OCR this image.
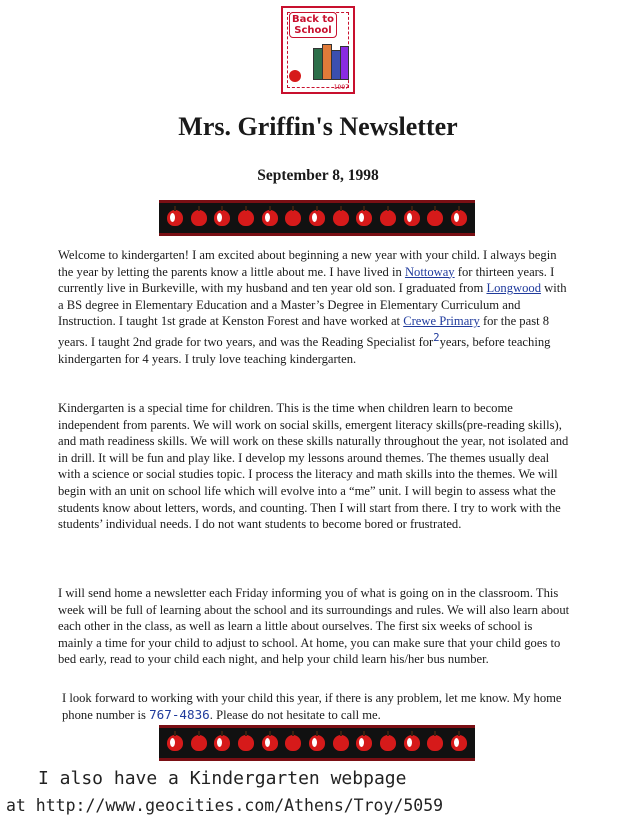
Back to School
1997
Mrs. Griffin's Newsletter
September 8, 1998

Welcome to kindergarten! I am excited about beginning a new year with your child. I always begin the year by letting the parents know a little about me. I have lived in Nottoway for thirteen years. I currently live in Burkeville, with my husband and ten year old son. I graduated from Longwood with a BS degree in Elementary Education and a Master’s Degree in Elementary Curriculum and Instruction. I taught 1st grade at Kenston Forest and have worked at Crewe Primary for the past 8 years. I taught 2nd grade for two years, and was the Reading Specialist for$^2$years, before teaching kindergarten for 4 years. I truly love teaching kindergarten.

Kindergarten is a special time for children. This is the time when children learn to become independent from parents. We will work on social skills, emergent literacy skills(pre-reading skills), and math readiness skills. We will work on these skills naturally throughout the year, not isolated and in drill. It will be fun and play like. I develop my lessons around themes. The themes usually deal with a science or social studies topic. I process the literacy and math skills into the themes. We will begin with an unit on school life which will evolve into a “me” unit. I will begin to assess what the students know about letters, words, and counting. Then I will start from there. I try to work with the students’ individual needs. I do not want students to become bored or frustrated.

I will send home a newsletter each Friday informing you of what is going on in the classroom. This week will be full of learning about the school and its surroundings and rules. We will also learn about each other in the class, as well as learn a little about ourselves. The first six weeks of school is mainly a time for your child to adjust to school. At home, you can make sure that your child goes to bed early, read to your child each night, and help your child learn his/her bus number.

I look forward to working with your child this year, if there is any problem, let me know. My home phone number is 767-4836. Please do not hesitate to call me.

I also have a Kindergarten webpage
at http://www.geocities.com/Athens/Troy/5059
